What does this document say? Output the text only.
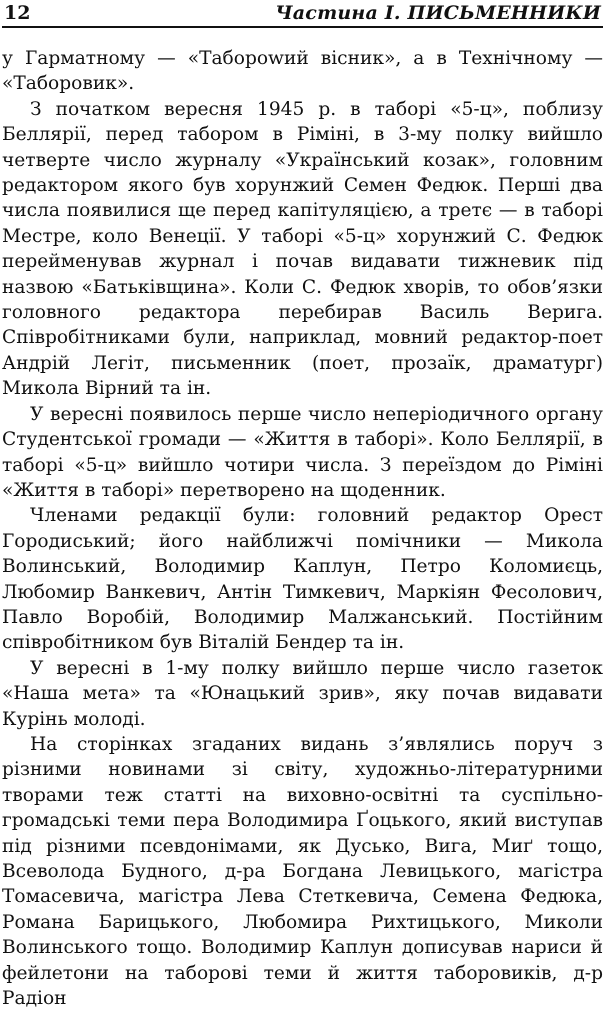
12	Частина I. ПИСЬМЕННИКИ

у Гарматному — «Табороwий вісник», а в Технічному — «Таборовик».

З початком вересня 1945 р. в таборі «5-ц», поблизу Беллярії, перед табором в Ріміні, в 3-му полку вийшло четверте число журналу «Український козак», головним редактором якого був хорунжий Семен Федюк. Перші два числа появилися ще перед капітуляцією, а третє — в таборі Местре, коло Венеції. У таборі «5-ц» хорунжий С. Федюк перейменував журнал і почав видавати тижневик під назвою «Батьківщина». Коли С. Федюк хворів, то обов’язки головного редактора перебирав Василь Верига. Співробітниками були, наприклад, мовний редактор-поет Андрій Легіт, письменник (поет, прозаїк, драматург) Микола Вірний та ін.

У вересні появилось перше число неперіодичного органу Студентської громади — «Життя в таборі». Коло Беллярії, в таборі «5-ц» вийшло чотири числа. З переїздом до Ріміні «Життя в таборі» перетворено на щоденник.

Членами редакції були: головний редактор Орест Городиський; його найближчі помічники — Микола Волинський, Володимир Каплун, Петро Коломиєць, Любомир Ванкевич, Антін Тимкевич, Маркіян Фесолович, Павло Воробій, Володимир Малжанський. Постійним співробітником був Віталій Бендер та ін.

У вересні в 1-му полку вийшло перше число газеток «Наша мета» та «Юнацький зрив», яку почав видавати Курінь молоді.

На сторінках згаданих видань з’являлись поруч з різними новинами зі світу, художньо-літературними творами теж статті на виховно-освітні та суспільно-громадські теми пера Володимира Ґоцького, який виступав під різними псевдонімами, як Дусько, Вига, Миґ тощо, Всеволода Будного, д-ра Богдана Левицького, магістра Томасевича, магістра Лева Стеткевича, Семена Федюка, Романа Барицького, Любомира Рихтицького, Миколи Волинського тощо. Володимир Каплун дописував нариси й фейлетони на таборові теми й життя таборовиків, д-р Радіон
